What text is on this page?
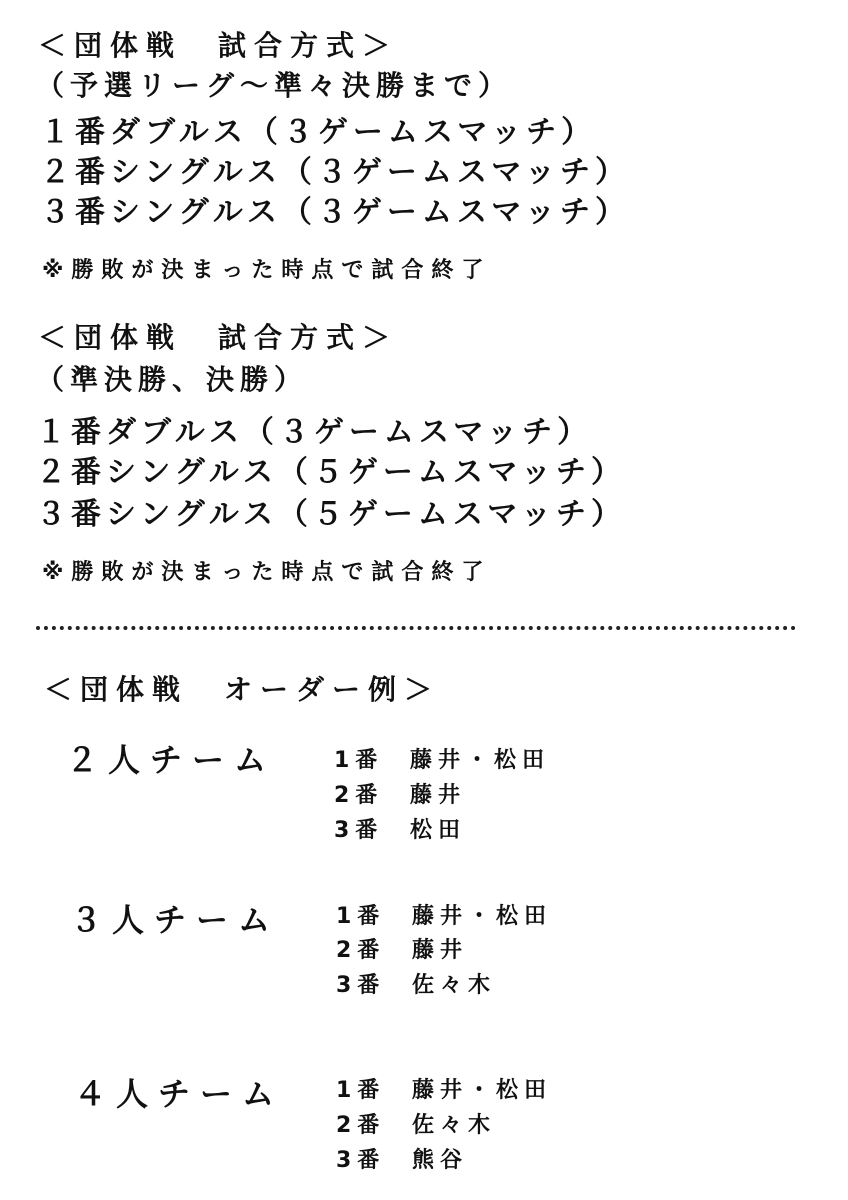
＜団体戦　試合方式＞
（予選リーグ〜準々決勝まで）
１番ダブルス（３ゲームスマッチ）
２番シングルス（３ゲームスマッチ）
３番シングルス（３ゲームスマッチ）
※勝敗が決まった時点で試合終了
＜団体戦　試合方式＞
（準決勝、決勝）
１番ダブルス（３ゲームスマッチ）
２番シングルス（５ゲームスマッチ）
３番シングルス（５ゲームスマッチ）
※勝敗が決まった時点で試合終了
＜団体戦　オーダー例＞
２人チーム	1番 藤井・松田
2番 藤井
3番 松田
３人チーム	1番 藤井・松田
2番 藤井
3番 佐々木
４人チーム 1番 藤井・松田
2番 佐々木
3番 熊谷
